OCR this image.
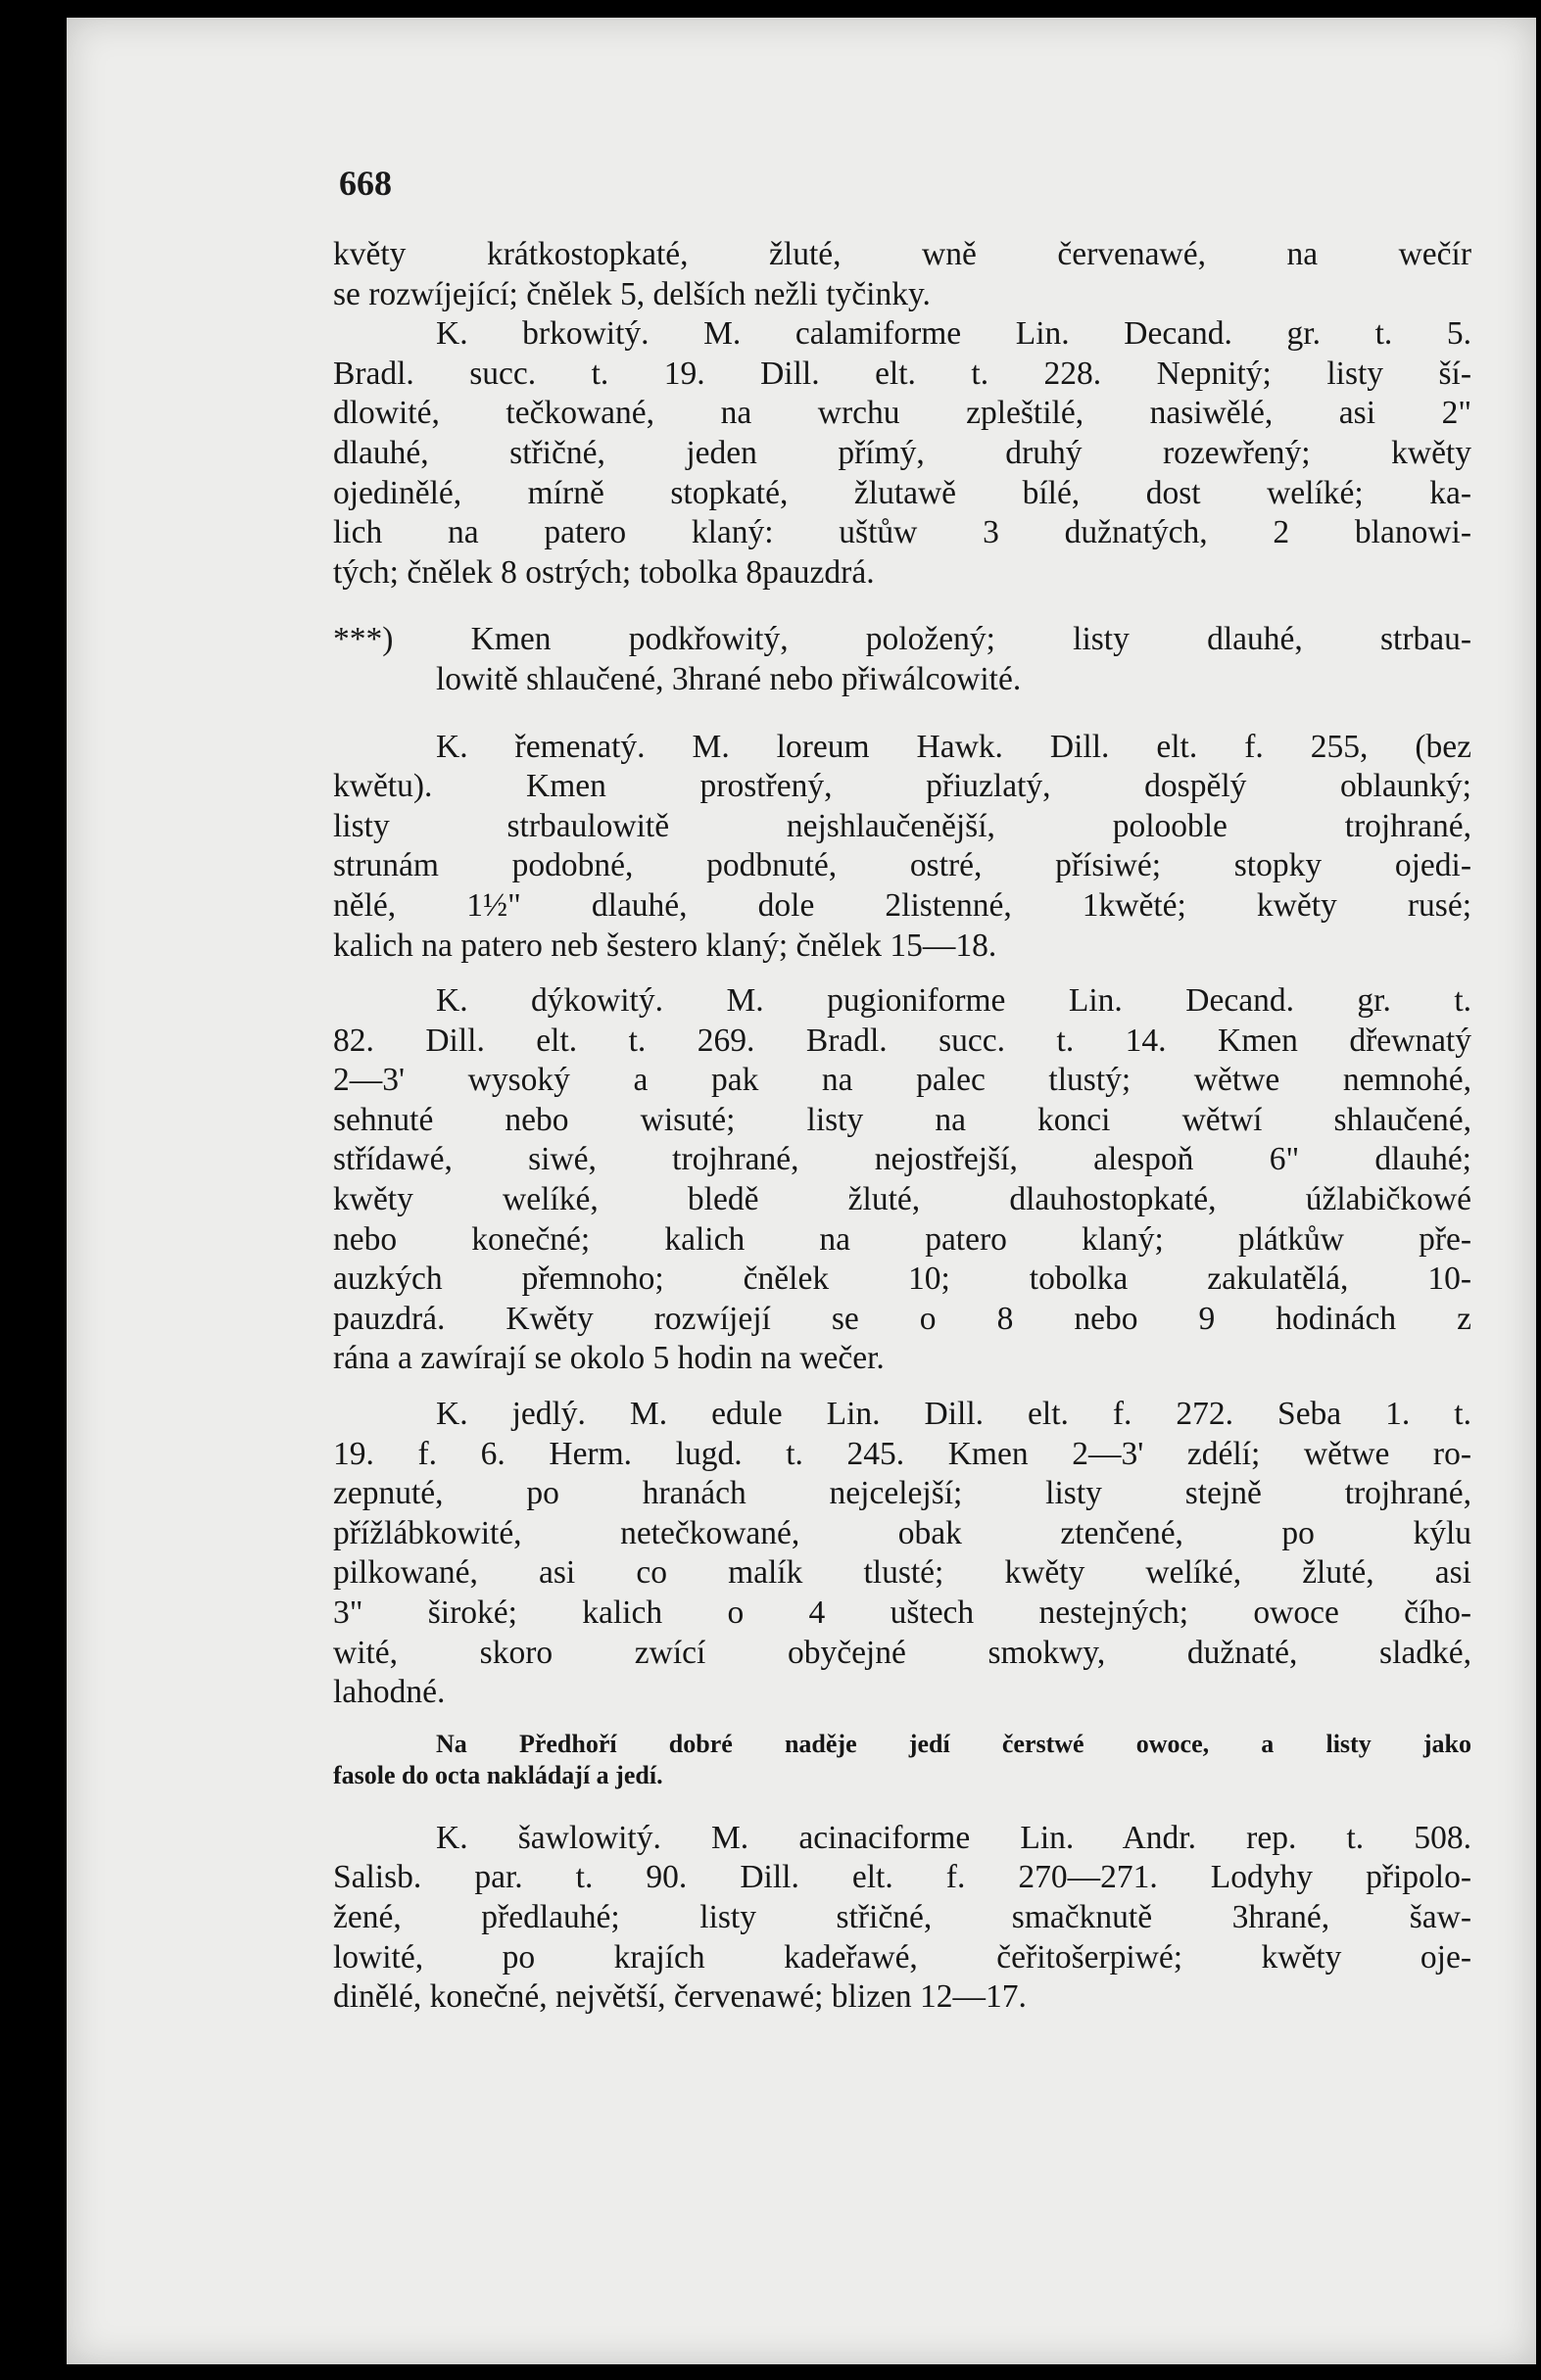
668
květy krátkostopkaté, žluté, wně červenawé, na wečír
se rozwíjející; čnělek 5, delších nežli tyčinky.
K. brkowitý. M. calamiforme Lin. Decand. gr. t. 5.
Bradl. succ. t. 19. Dill. elt. t. 228. Nepnitý; listy ší-
dlowité, tečkowané, na wrchu zpleštilé, nasiwělé, asi 2"
dlauhé, střičné, jeden přímý, druhý rozewřený; kwěty
ojedinělé, mírně stopkaté, žlutawě bílé, dost welíké; ka-
lich na patero klaný: uštůw 3 dužnatých, 2 blanowi-
tých; čnělek 8 ostrých; tobolka 8pauzdrá.
***) Kmen podkřowitý, položený; listy dlauhé, strbau-
lowitě shlaučené, 3hrané nebo přiwálcowité.
K. řemenatý. M. loreum Hawk. Dill. elt. f. 255, (bez
kwětu). Kmen prostřený, přiuzlatý, dospělý oblaunký;
listy strbaulowitě nejshlaučenější, polooble trojhrané,
strunám podobné, podbnuté, ostré, přísiwé; stopky ojedi-
nělé, 1½" dlauhé, dole 2listenné, 1kwěté; kwěty rusé;
kalich na patero neb šestero klaný; čnělek 15—18.
K. dýkowitý. M. pugioniforme Lin. Decand. gr. t.
82. Dill. elt. t. 269. Bradl. succ. t. 14. Kmen dřewnatý
2—3' wysoký a pak na palec tlustý; wětwe nemnohé,
sehnuté nebo wisuté; listy na konci wětwí shlaučené,
střídawé, siwé, trojhrané, nejostřejší, alespoň 6" dlauhé;
kwěty welíké, bledě žluté, dlauhostopkaté, úžlabičkowé
nebo konečné; kalich na patero klaný; plátkůw pře-
auzkých přemnoho; čnělek 10; tobolka zakulatělá, 10-
pauzdrá. Kwěty rozwíjejí se o 8 nebo 9 hodinách z
rána a zawírají se okolo 5 hodin na wečer.
K. jedlý. M. edule Lin. Dill. elt. f. 272. Seba 1. t.
19. f. 6. Herm. lugd. t. 245. Kmen 2—3' zdélí; wětwe ro-
zepnuté, po hranách nejcelejší; listy stejně trojhrané,
přížlábkowité, netečkowané, obak ztenčené, po kýlu
pilkowané, asi co malík tlusté; kwěty welíké, žluté, asi
3" široké; kalich o 4 uštech nestejných; owoce čího-
wité, skoro zwící obyčejné smokwy, dužnaté, sladké,
lahodné.
Na Předhoří dobré naděje jedí čerstwé owoce, a listy jako
fasole do octa nakládají a jedí.
K. šawlowitý. M. acinaciforme Lin. Andr. rep. t. 508.
Salisb. par. t. 90. Dill. elt. f. 270—271. Lodyhy připolo-
žené, předlauhé; listy střičné, smačknutě 3hrané, šaw-
lowité, po krajích kadeřawé, čeřitošerpiwé; kwěty oje-
dinělé, konečné, největší, červenawé; blizen 12—17.
